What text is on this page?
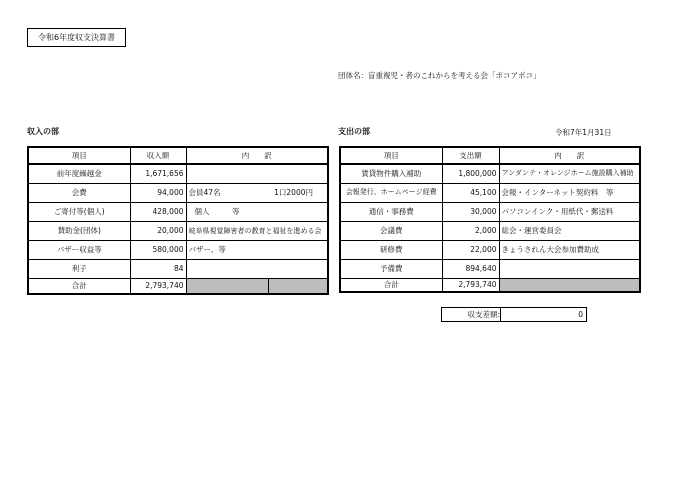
令和6年度収支決算書
団体名：盲重複児・者のこれからを考える会「ポコアポコ」
収入の部	支出の部	令和7年1月31日
項目	収入額	内　　訳
前年度繰越金	1,671,656	
会費	94,000	会員47名 1口2000円

ご寄付等(個人)	428,000	個人　　　等
賛助金(団体)	20,000	岐阜県視覚障害者の教育と福祉を進める会
バザー収益等	580,000	バザー、等
利子	84	
合計	2,793,740	
項目	支出額	内　　訳
賃貸物件購入補助	1,800,000	アンダンテ・オレンジホーム施設購入補助
会報発行、ホームページ経費	45,100	会報・インターネット契約料　等
通信・事務費	30,000	パソコンインク・用紙代・郵送料
会議費	2,000	総会・運営委員会
研修費	22,000	きょうされん大会参加費助成
予備費	894,640	
合計	2,793,740	
収支差額:	0
